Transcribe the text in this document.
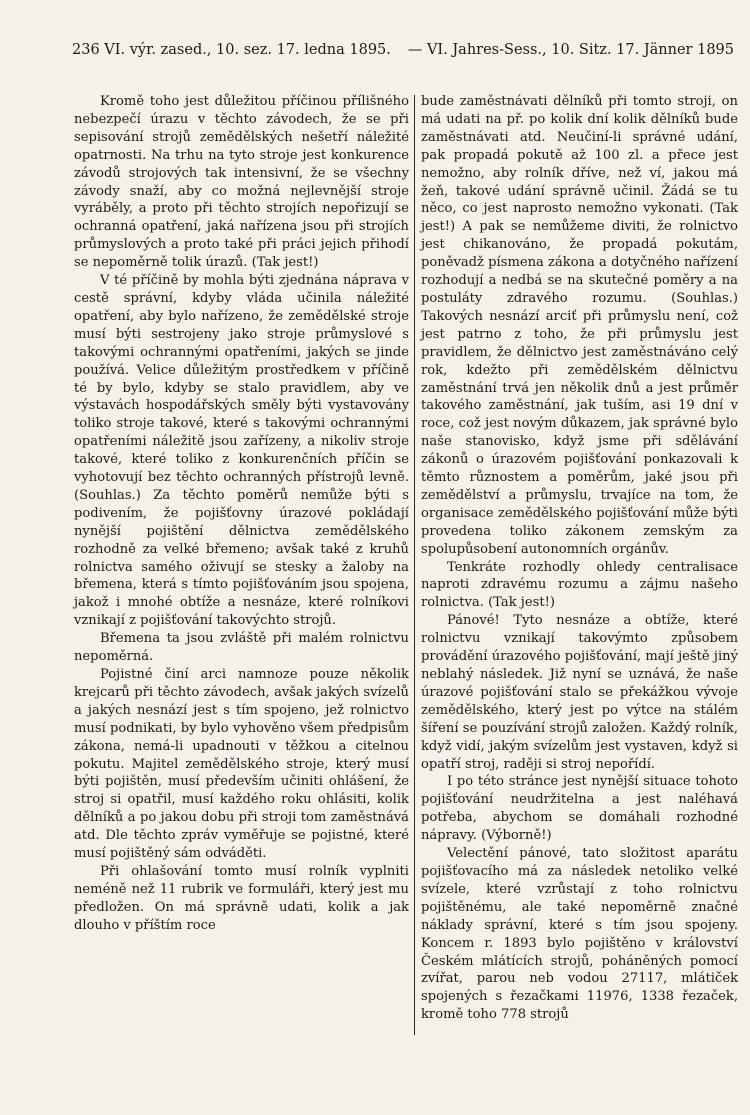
236 VI. výr. zased., 10. sez. 17. ledna 1895. — VI. Jahres-Sess., 10. Sitz. 17. Jänner 1895

Kromě toho jest důležitou příčinou přílišného nebezpečí úrazu v těchto závodech, že se při sepisování strojů zemědělských nešetří náležité opatrnosti. Na trhu na tyto stroje jest konkurence závodů strojových tak intensivní, že se všechny závody snaží, aby co možná nejlevnější stroje vyráběly, a proto při těchto strojích nepořizují se ochranná opatření, jaká nařízena jsou při strojích průmyslových a proto také při práci jejich přihodí se nepoměrně tolik úrazů. (Tak jest!)

V té příčině by mohla býti zjednána náprava v cestě správní, kdyby vláda učinila náležité opatření, aby bylo nařízeno, že zemědělské stroje musí býti sestrojeny jako stroje průmyslové s takovými ochrannými opatřeními, jakých se jinde používá. Velice důležitým prostředkem v příčině té by bylo, kdyby se stalo pravidlem, aby ve výstavách hospodářských směly býti vystavovány toliko stroje takové, které s takovými ochrannými opatřeními náležitě jsou zařízeny, a nikoliv stroje takové, které toliko z konkurenčních příčin se vyhotovují bez těchto ochranných přístrojů levně. (Souhlas.) Za těchto poměrů nemůže býti s podivením, že pojišťovny úrazové pokládají nynější pojištění dělnictva zemědělského rozhodně za velké břemeno; avšak také z kruhů rolnictva samého oživují se stesky a žaloby na břemena, která s tímto pojišťováním jsou spojena, jakož i mnohé obtíže a nesnáze, které rolníkovi vznikají z pojišťování takovýchto strojů.

Břemena ta jsou zvláště při malém rolnictvu nepoměrná.

Pojistné činí arci namnoze pouze několik krejcarů při těchto závodech, avšak jakých svízelů a jakých nesnází jest s tím spojeno, jež rolnictvo musí podnikati, by bylo vyhověno všem předpisům zákona, nemá-li upadnouti v těžkou a citelnou pokutu. Majitel zemědělského stroje, který musí býti pojištěn, musí především učiniti ohlášení, že stroj si opatřil, musí každého roku ohlásiti, kolik dělníků a po jakou dobu při stroji tom zaměstnává atd. Dle těchto zpráv vyměřuje se pojistné, které musí pojištěný sám odváděti.

Při ohlašování tomto musí rolník vyplniti neméně než 11 rubrik ve formuláři, který jest mu předložen. On má správně udati, kolik a jak dlouho v příštím roce

bude zaměstnávati dělníků při tomto stroji, on má udati na př. po kolik dní kolik dělníků bude zaměstnávati atd. Neučiní-li správné udání, pak propadá pokutě až 100 zl. a přece jest nemožno, aby rolník dříve, než ví, jakou má žeň, takové udání správně učinil. Žádá se tu něco, co jest naprosto nemožno vykonati. (Tak jest!) A pak se nemůžeme diviti, že rolnictvo jest chikanováno, že propadá pokutám, poněvadž písmena zákona a dotyčného nařízení rozhodují a nedbá se na skutečné poměry a na postuláty zdravého rozumu. (Souhlas.) Takových nesnází arciť při průmyslu není, což jest patrno z toho, že při průmyslu jest pravidlem, že dělnictvo jest zaměstnáváno celý rok, kdežto při zemědělském dělnictvu zaměstnání trvá jen několik dnů a jest průměr takového zaměstnání, jak tuším, asi 19 dní v roce, což jest novým důkazem, jak správné bylo naše stanovisko, když jsme při sdělávání zákonů o úrazovém pojišťování ponkazovali k těmto různostem a poměrům, jaké jsou při zemědělství a průmyslu, trvajíce na tom, že organisace zemědělského pojišťování může býti provedena toliko zákonem zemským za spolupůsobení autonomních orgánův.

Tenkráte rozhodly ohledy centralisace naproti zdravému rozumu a zájmu našeho rolnictva. (Tak jest!)

Pánové! Tyto nesnáze a obtíže, které rolnictvu vznikají takovýmto způsobem provádění úrazového pojišťování, mají ještě jiný neblahý následek. Již nyní se uznává, že naše úrazové pojišťování stalo se překážkou vývoje zemědělského, který jest po výtce na stálém šíření se pouzívání strojů založen. Každý rolník, když vidí, jakým svízelům jest vystaven, když si opatří stroj, raději si stroj nepořídí.

I po této stránce jest nynější situace tohoto pojišťování neudržitelna a jest naléhavá potřeba, abychom se domáhali rozhodné nápravy. (Výborně!)

Velectění pánové, tato složitost aparátu pojišťovacího má za následek netoliko velké svízele, které vzrůstají z toho rolnictvu pojištěnému, ale také nepoměrně značné náklady správní, které s tím jsou spojeny. Koncem r. 1893 bylo pojištěno v království Českém mlátících strojů, poháněných pomocí zvířat, parou neb vodou 27117, mlátiček spojených s řezačkami 11976, 1338 řezaček, kromě toho 778 strojů
